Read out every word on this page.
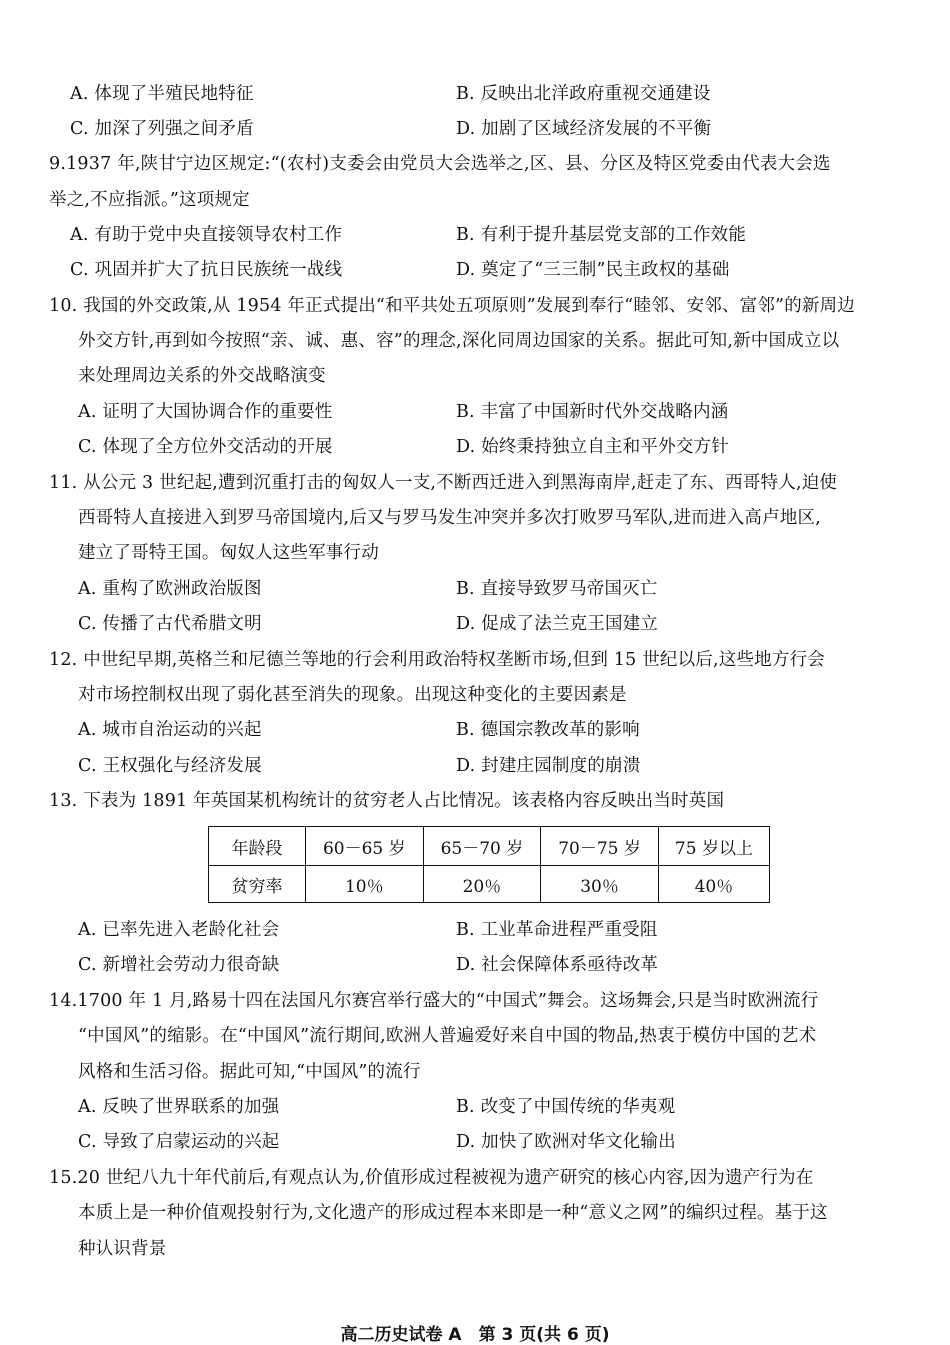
A. 体现了半殖民地特征	B. 反映出北洋政府重视交通建设
C. 加深了列强之间矛盾	D. 加剧了区域经济发展的不平衡
9.1937 年,陕甘宁边区规定:“(农村)支委会由党员大会选举之,区、县、分区及特区党委由代表大会选
举之,不应指派。”这项规定
A. 有助于党中央直接领导农村工作	B. 有利于提升基层党支部的工作效能
C. 巩固并扩大了抗日民族统一战线	D. 奠定了“三三制”民主政权的基础
10. 我国的外交政策,从 1954 年正式提出“和平共处五项原则”发展到奉行“睦邻、安邻、富邻”的新周边
外交方针,再到如今按照“亲、诚、惠、容”的理念,深化同周边国家的关系。据此可知,新中国成立以
来处理周边关系的外交战略演变
A. 证明了大国协调合作的重要性	B. 丰富了中国新时代外交战略内涵
C. 体现了全方位外交活动的开展	D. 始终秉持独立自主和平外交方针
11. 从公元 3 世纪起,遭到沉重打击的匈奴人一支,不断西迁进入到黑海南岸,赶走了东、西哥特人,迫使
西哥特人直接进入到罗马帝国境内,后又与罗马发生冲突并多次打败罗马军队,进而进入高卢地区,
建立了哥特王国。匈奴人这些军事行动
A. 重构了欧洲政治版图	B. 直接导致罗马帝国灭亡
C. 传播了古代希腊文明	D. 促成了法兰克王国建立
12. 中世纪早期,英格兰和尼德兰等地的行会利用政治特权垄断市场,但到 15 世纪以后,这些地方行会
对市场控制权出现了弱化甚至消失的现象。出现这种变化的主要因素是
A. 城市自治运动的兴起	B. 德国宗教改革的影响
C. 王权强化与经济发展	D. 封建庄园制度的崩溃
13. 下表为 1891 年英国某机构统计的贫穷老人占比情况。该表格内容反映出当时英国
年龄段	60－65 岁	65－70 岁	70－75 岁	75 岁以上
贫穷率	10％	20％	30％	40％
A. 已率先进入老龄化社会	B. 工业革命进程严重受阻
C. 新增社会劳动力很奇缺	D. 社会保障体系亟待改革
14.1700 年 1 月,路易十四在法国凡尔赛宫举行盛大的“中国式”舞会。这场舞会,只是当时欧洲流行
“中国风”的缩影。在“中国风”流行期间,欧洲人普遍爱好来自中国的物品,热衷于模仿中国的艺术
风格和生活习俗。据此可知,“中国风”的流行
A. 反映了世界联系的加强	B. 改变了中国传统的华夷观
C. 导致了启蒙运动的兴起	D. 加快了欧洲对华文化输出
15.20 世纪八九十年代前后,有观点认为,价值形成过程被视为遗产研究的核心内容,因为遗产行为在
本质上是一种价值观投射行为,文化遗产的形成过程本来即是一种“意义之网”的编织过程。基于这
种认识背景
高二历史试卷 A　第 3 页(共 6 页)
